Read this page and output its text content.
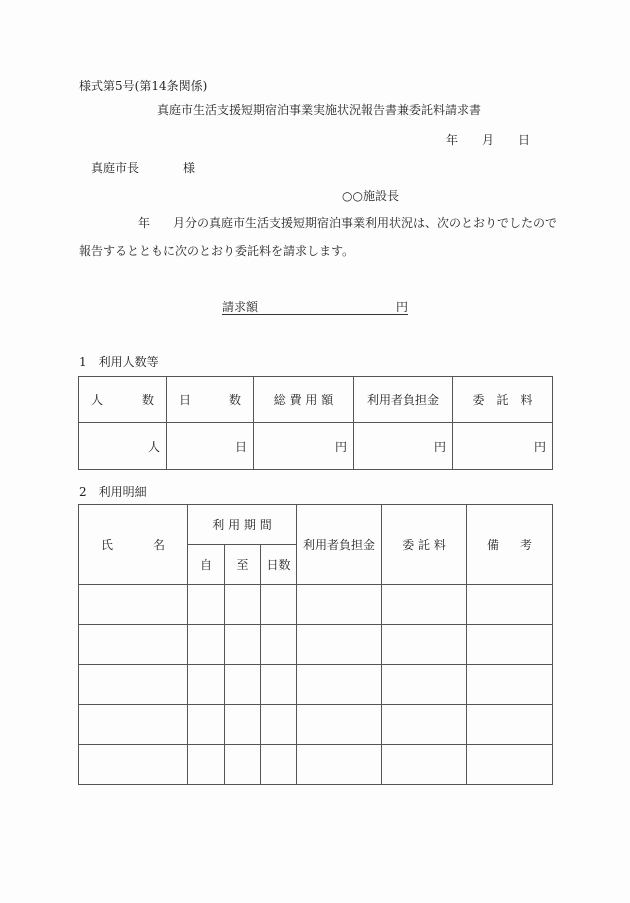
様式第5号(第14条関係)
真庭市生活支援短期宿泊事業実施状況報告書兼委託料請求書
年 月 日
真庭市長	様
○○施設長
年 月分の真庭市生活支援短期宿泊事業利用状況は、次のとおりでしたので
報告するとともに次のとおり委託料を請求します。
請求額	円
1　利用人数等
人 数	日 数	総 費 用 額	利用者負担金	委　託　料
人	日	円	円	円
2　利用明細
氏 名	利 用 期 間			利用者負担金	委 託 料	備 考

	自	至	日数			
